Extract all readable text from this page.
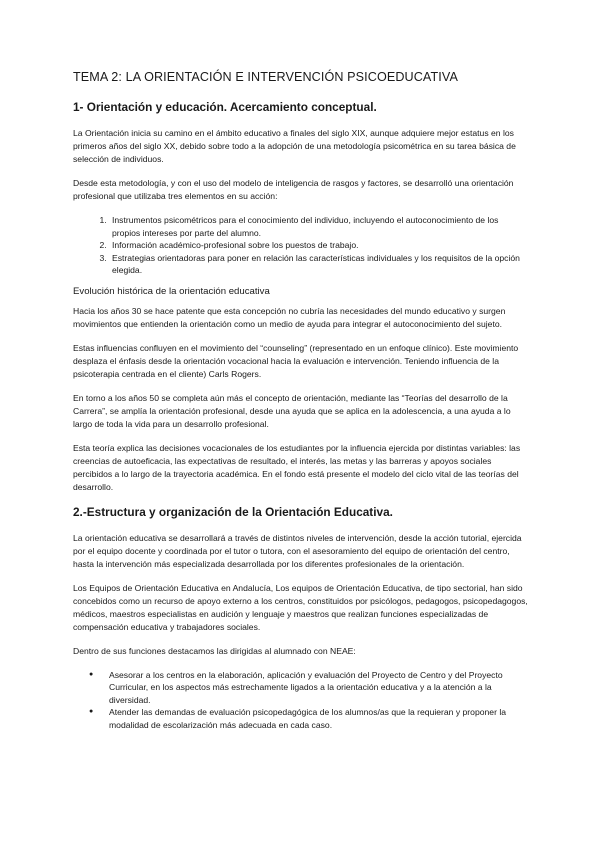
TEMA 2: LA ORIENTACIÓN E INTERVENCIÓN PSICOEDUCATIVA
1- Orientación y educación. Acercamiento conceptual.

La Orientación inicia su camino en el ámbito educativo a finales del siglo XIX, aunque adquiere mejor estatus en los primeros años del siglo XX, debido sobre todo a la adopción de una metodología psicométrica en su tarea básica de selección de individuos.

Desde esta metodología, y con el uso del modelo de inteligencia de rasgos y factores, se desarrolló una orientación profesional que utilizaba tres elementos en su acción:

1. Instrumentos psicométricos para el conocimiento del individuo, incluyendo el autoconocimiento de los propios intereses por parte del alumno.
2. Información académico-profesional sobre los puestos de trabajo.
3. Estrategias orientadoras para poner en relación las características individuales y los requisitos de la opción elegida.
Evolución histórica de la orientación educativa

Hacia los años 30 se hace patente que esta concepción no cubría las necesidades del mundo educativo y surgen movimientos que entienden la orientación como un medio de ayuda para integrar el autoconocimiento del sujeto.

Estas influencias confluyen en el movimiento del “counseling” (representado en un enfoque clínico). Este movimiento desplaza el énfasis desde la orientación vocacional hacia la evaluación e intervención. Teniendo influencia de la psicoterapia centrada en el cliente) Carls Rogers.

En torno a los años 50 se completa aún más el concepto de orientación, mediante las “Teorías del desarrollo de la Carrera”, se amplía la orientación profesional, desde una ayuda que se aplica en la adolescencia, a una ayuda a lo largo de toda la vida para un desarrollo profesional.

Esta teoría explica las decisiones vocacionales de los estudiantes por la influencia ejercida por distintas variables: las creencias de autoeficacia, las expectativas de resultado, el interés, las metas y las barreras y apoyos sociales percibidos a lo largo de la trayectoria académica. En el fondo está presente el modelo del ciclo vital de las teorías del desarrollo.

2.-Estructura y organización de la Orientación Educativa.

La orientación educativa se desarrollará a través de distintos niveles de intervención, desde la acción tutorial, ejercida por el equipo docente y coordinada por el tutor o tutora, con el asesoramiento del equipo de orientación del centro, hasta la intervención más especializada desarrollada por los diferentes profesionales de la orientación.

Los Equipos de Orientación Educativa en Andalucía, Los equipos de Orientación Educativa, de tipo sectorial, han sido concebidos como un recurso de apoyo externo a los centros, constituidos por psicólogos, pedagogos, psicopedagogos, médicos, maestros especialistas en audición y lenguaje y maestros que realizan funciones especializadas de compensación educativa y trabajadores sociales.

Dentro de sus funciones destacamos las dirigidas al alumnado con NEAE:

● Asesorar a los centros en la elaboración, aplicación y evaluación del Proyecto de Centro y del Proyecto Curricular, en los aspectos más estrechamente ligados a la orientación educativa y a la atención a la diversidad.
● Atender las demandas de evaluación psicopedagógica de los alumnos/as que la requieran y proponer la modalidad de escolarización más adecuada en cada caso.
